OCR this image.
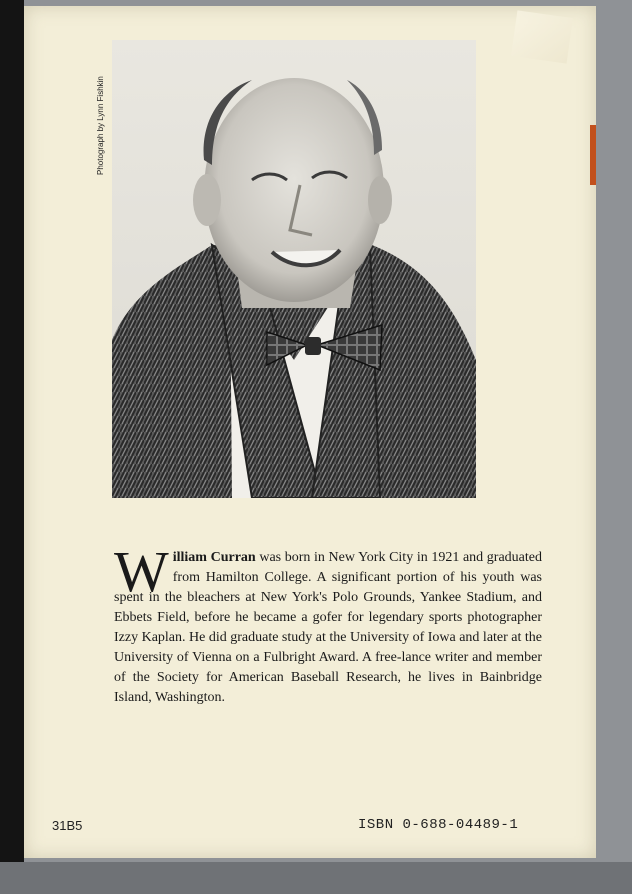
Photograph by Lynn Fishkin
William Curran was born in New York City in 1921 and graduated from Hamilton College. A significant portion of his youth was spent in the bleachers at New York's Polo Grounds, Yankee Stadium, and Ebbets Field, before he became a gofer for legendary sports photographer Izzy Kaplan. He did graduate study at the University of Iowa and later at the University of Vienna on a Fulbright Award. A free-lance writer and member of the Society for American Baseball Research, he lives in Bainbridge Island, Washington.
31B5	ISBN 0-688-04489-1
